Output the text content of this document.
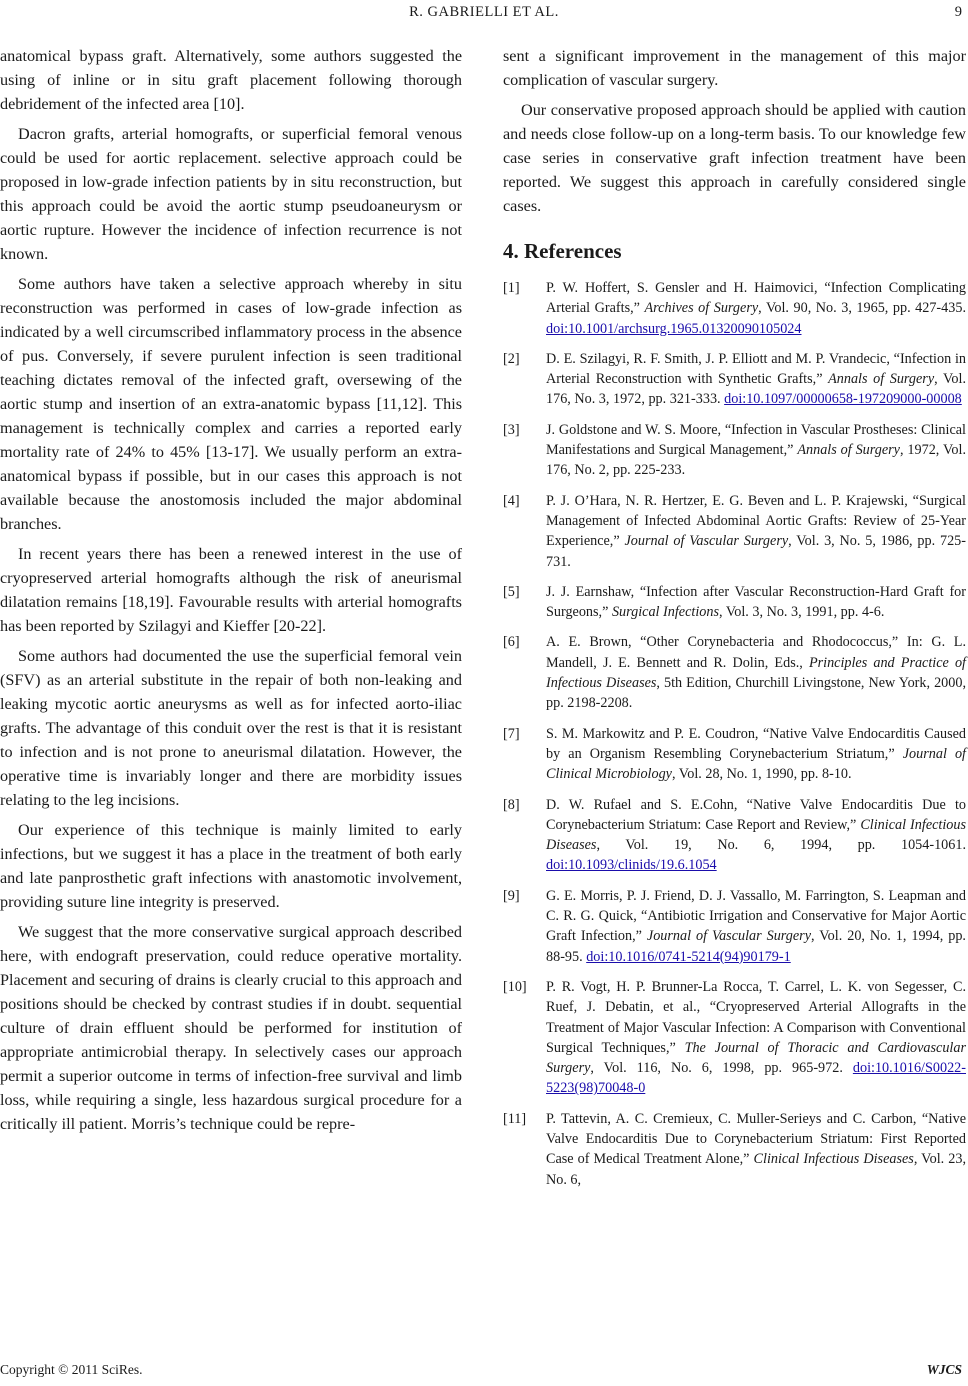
R. GABRIELLI ET AL.	9

anatomical bypass graft. Alternatively, some authors suggested the using of inline or in situ graft placement following thorough debridement of the infected area [10].

Dacron grafts, arterial homografts, or superficial femoral venous could be used for aortic replacement. selective approach could be proposed in low-grade infection patients by in situ reconstruction, but this approach could be avoid the aortic stump pseudoaneurysm or aortic rupture. However the incidence of infection recurrence is not known.

Some authors have taken a selective approach whereby in situ reconstruction was performed in cases of low-grade infection as indicated by a well circumscribed inflammatory process in the absence of pus. Conversely, if severe purulent infection is seen traditional teaching dictates removal of the infected graft, oversewing of the aortic stump and insertion of an extra-anatomic bypass [11,12]. This management is technically complex and carries a reported early mortality rate of 24% to 45% [13-17]. We usually perform an extra-anatomical bypass if possible, but in our cases this approach is not available because the anostomosis included the major abdominal branches.

In recent years there has been a renewed interest in the use of cryopreserved arterial homografts although the risk of aneurismal dilatation remains [18,19]. Favourable results with arterial homografts has been reported by Szilagyi and Kieffer [20-22].

Some authors had documented the use the superficial femoral vein (SFV) as an arterial substitute in the repair of both non-leaking and leaking mycotic aortic aneurysms as well as for infected aorto-iliac grafts. The advantage of this conduit over the rest is that it is resistant to infection and is not prone to aneurismal dilatation. However, the operative time is invariably longer and there are morbidity issues relating to the leg incisions.

Our experience of this technique is mainly limited to early infections, but we suggest it has a place in the treatment of both early and late panprosthetic graft infections with anastomotic involvement, providing suture line integrity is preserved.

We suggest that the more conservative surgical approach described here, with endograft preservation, could reduce operative mortality. Placement and securing of drains is clearly crucial to this approach and positions should be checked by contrast studies if in doubt. sequential culture of drain effluent should be performed for institution of appropriate antimicrobial therapy. In selectively cases our approach permit a superior outcome in terms of infection-free survival and limb loss, while requiring a single, less hazardous surgical procedure for a critically ill patient. Morris’s technique could be repre-

sent a significant improvement in the management of this major complication of vascular surgery.

Our conservative proposed approach should be applied with caution and needs close follow-up on a long-term basis. To our knowledge few case series in conservative graft infection treatment have been reported. We suggest this approach in carefully considered single cases.

4. References
[1] P. W. Hoffert, S. Gensler and H. Haimovici, “Infection Complicating Arterial Grafts,” Archives of Surgery, Vol. 90, No. 3, 1965, pp. 427-435. doi:10.1001/archsurg.1965.01320090105024
[2] D. E. Szilagyi, R. F. Smith, J. P. Elliott and M. P. Vrandecic, “Infection in Arterial Reconstruction with Synthetic Grafts,” Annals of Surgery, Vol. 176, No. 3, 1972, pp. 321-333. doi:10.1097/00000658-197209000-00008
[3] J. Goldstone and W. S. Moore, “Infection in Vascular Prostheses: Clinical Manifestations and Surgical Management,” Annals of Surgery, 1972, Vol. 176, No. 2, pp. 225-233.
[4] P. J. O’Hara, N. R. Hertzer, E. G. Beven and L. P. Krajewski, “Surgical Management of Infected Abdominal Aortic Grafts: Review of 25-Year Experience,” Journal of Vascular Surgery, Vol. 3, No. 5, 1986, pp. 725-731.
[5] J. J. Earnshaw, “Infection after Vascular Reconstruction-Hard Graft for Surgeons,” Surgical Infections, Vol. 3, No. 3, 1991, pp. 4-6.
[6] A. E. Brown, “Other Corynebacteria and Rhodococcus,” In: G. L. Mandell, J. E. Bennett and R. Dolin, Eds., Principles and Practice of Infectious Diseases, 5th Edition, Churchill Livingstone, New York, 2000, pp. 2198-2208.
[7] S. M. Markowitz and P. E. Coudron, “Native Valve Endocarditis Caused by an Organism Resembling Corynebacterium Striatum,” Journal of Clinical Microbiology, Vol. 28, No. 1, 1990, pp. 8-10.
[8] D. W. Rufael and S. E.Cohn, “Native Valve Endocarditis Due to Corynebacterium Striatum: Case Report and Review,” Clinical Infectious Diseases, Vol. 19, No. 6, 1994, pp. 1054-1061. doi:10.1093/clinids/19.6.1054
[9] G. E. Morris, P. J. Friend, D. J. Vassallo, M. Farrington, S. Leapman and C. R. G. Quick, “Antibiotic Irrigation and Conservative for Major Aortic Graft Infection,” Journal of Vascular Surgery, Vol. 20, No. 1, 1994, pp. 88-95. doi:10.1016/0741-5214(94)90179-1
[10] P. R. Vogt, H. P. Brunner-La Rocca, T. Carrel, L. K. von Segesser, C. Ruef, J. Debatin, et al., “Cryopreserved Arterial Allografts in the Treatment of Major Vascular Infection: A Comparison with Conventional Surgical Techniques,” The Journal of Thoracic and Cardiovascular Surgery, Vol. 116, No. 6, 1998, pp. 965-972. doi:10.1016/S0022-5223(98)70048-0
[11] P. Tattevin, A. C. Cremieux, C. Muller-Serieys and C. Carbon, “Native Valve Endocarditis Due to Corynebacterium Striatum: First Reported Case of Medical Treatment Alone,” Clinical Infectious Diseases, Vol. 23, No. 6,
Copyright © 2011 SciRes.	WJCS
